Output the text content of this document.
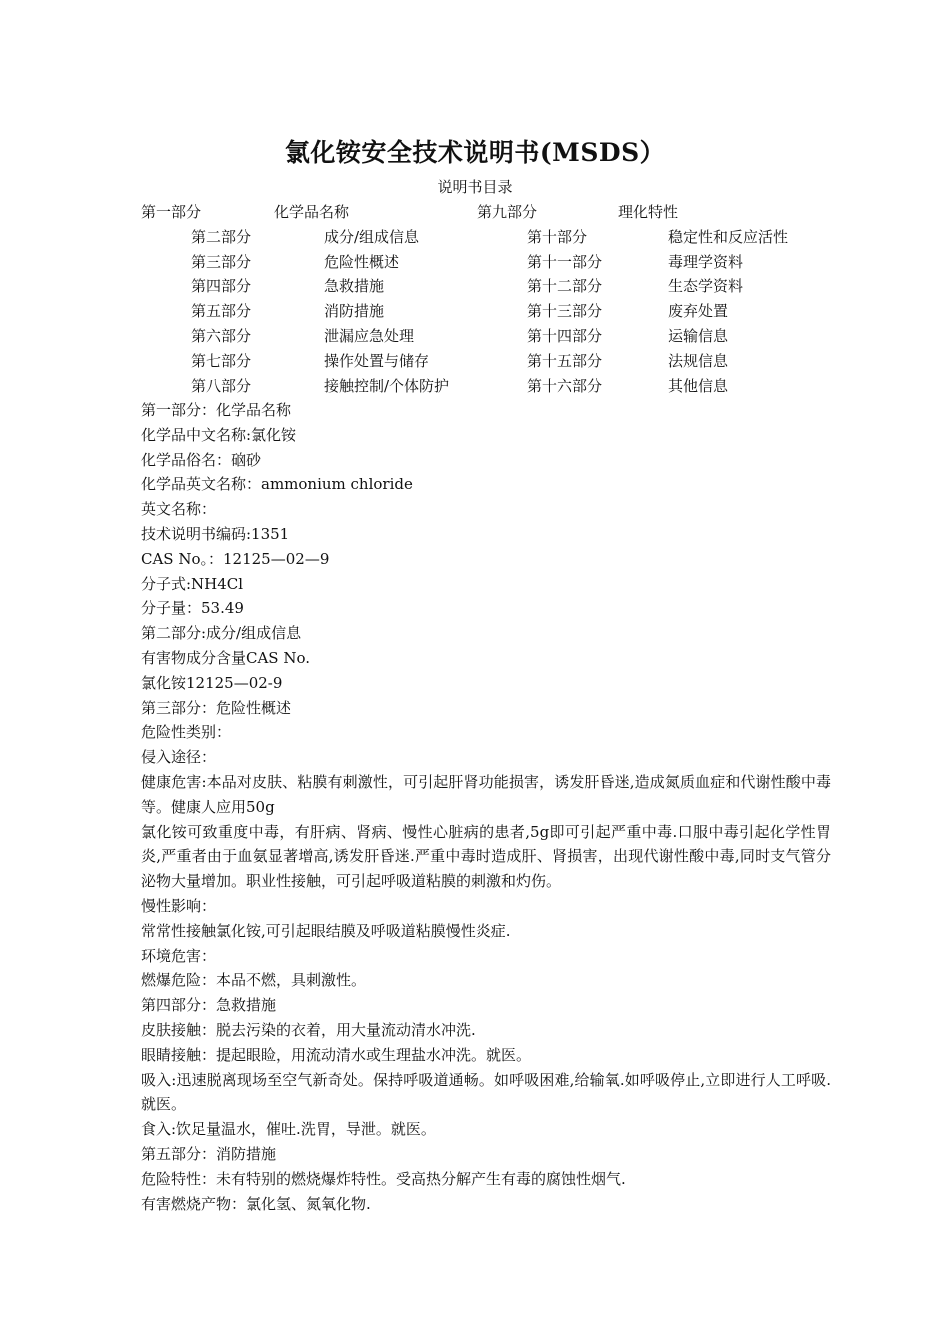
氯化铵安全技术说明书(MSDS）
说明书目录
第一部分	化学品名称	第九部分	理化特性
第二部分	成分/组成信息	第十部分	稳定性和反应活性
第三部分	危险性概述	第十一部分	毒理学资料
第四部分	急救措施	第十二部分	生态学资料
第五部分	消防措施	第十三部分	废弃处置
第六部分	泄漏应急处理	第十四部分	运输信息
第七部分	操作处置与储存	第十五部分	法规信息
第八部分	接触控制/个体防护	第十六部分	其他信息

第一部分：化学品名称

化学品中文名称:氯化铵

化学品俗名：硇砂

化学品英文名称：ammonium chloride

英文名称：

技术说明书编码:1351

CAS No。：12125—02—9

分子式:NH4Cl

分子量：53.49

第二部分:成分/组成信息

有害物成分含量CAS No.

氯化铵12125—02-9

第三部分：危险性概述

危险性类别：

侵入途径：

健康危害:本品对皮肤、粘膜有刺激性，可引起肝肾功能损害，诱发肝昏迷,造成氮质血症和代谢性酸中毒等。健康人应用50g

氯化铵可致重度中毒，有肝病、肾病、慢性心脏病的患者,5g即可引起严重中毒.口服中毒引起化学性胃炎,严重者由于血氨显著增高,诱发肝昏迷.严重中毒时造成肝、肾损害，出现代谢性酸中毒,同时支气管分泌物大量增加。职业性接触，可引起呼吸道粘膜的刺激和灼伤。

慢性影响：

常常性接触氯化铵,可引起眼结膜及呼吸道粘膜慢性炎症.

环境危害：

燃爆危险：本品不燃，具刺激性。

第四部分：急救措施

皮肤接触：脱去污染的衣着，用大量流动清水冲洗.

眼睛接触：提起眼睑，用流动清水或生理盐水冲洗。就医。

吸入:迅速脱离现场至空气新奇处。保持呼吸道通畅。如呼吸困难,给输氧.如呼吸停止,立即进行人工呼吸.就医。

食入:饮足量温水，催吐.洗胃，导泄。就医。

第五部分：消防措施

危险特性：未有特别的燃烧爆炸特性。受高热分解产生有毒的腐蚀性烟气.

有害燃烧产物：氯化氢、氮氧化物.
